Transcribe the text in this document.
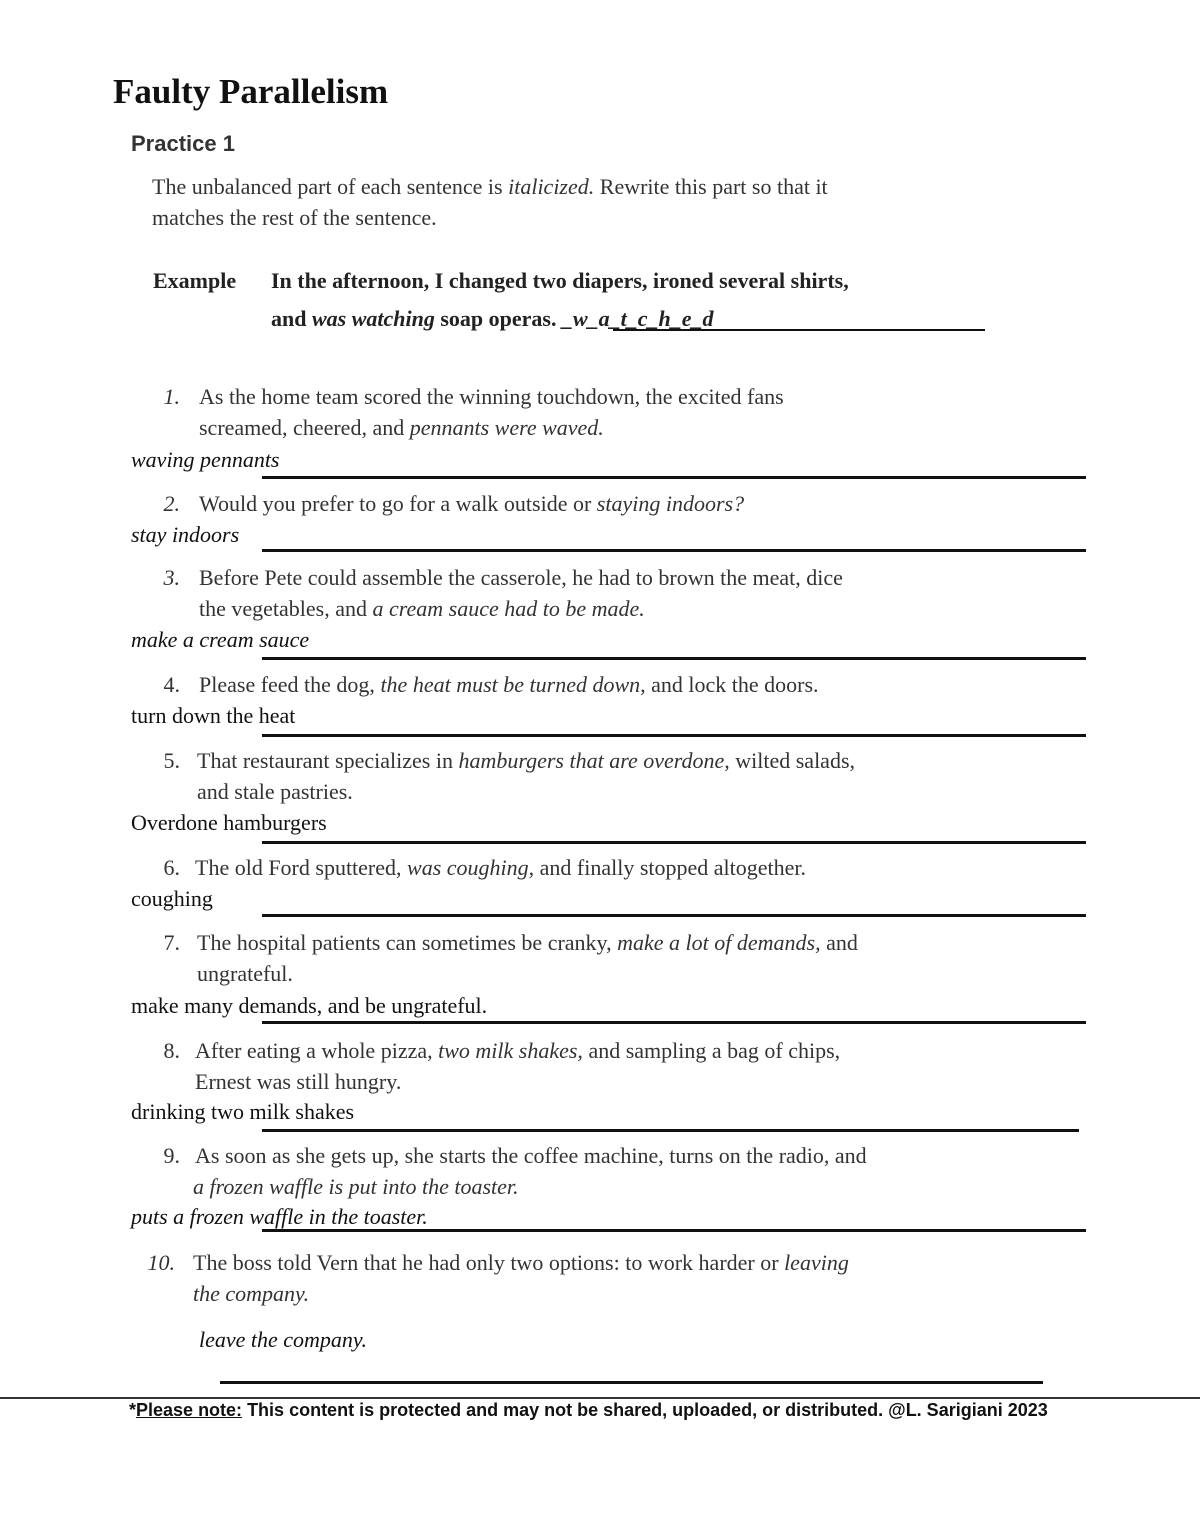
Faulty Parallelism
Practice 1
The unbalanced part of each sentence is italicized. Rewrite this part so that it
matches the rest of the sentence.
Example In the afternoon, I changed two diapers, ironed several shirts,
and was watching soap operas. _w_a_t_c_h_e_d
1. As the home team scored the winning touchdown, the excited fans
screamed, cheered, and pennants were waved.
waving pennants
2. Would you prefer to go for a walk outside or staying indoors?
stay indoors
3. Before Pete could assemble the casserole, he had to brown the meat, dice
the vegetables, and a cream sauce had to be made.
make a cream sauce
4. Please feed the dog, the heat must be turned down, and lock the doors.
turn down the heat
5. That restaurant specializes in hamburgers that are overdone, wilted salads,
and stale pastries.
Overdone hamburgers
6. The old Ford sputtered, was coughing, and finally stopped altogether.
coughing
7. The hospital patients can sometimes be cranky, make a lot of demands, and
ungrateful.
make many demands, and be ungrateful.
8. After eating a whole pizza, two milk shakes, and sampling a bag of chips,
Ernest was still hungry.
drinking two milk shakes
9. As soon as she gets up, she starts the coffee machine, turns on the radio, and
a frozen waffle is put into the toaster.
puts a frozen waffle in the toaster.
10. The boss told Vern that he had only two options: to work harder or leaving
the company.
leave the company.
*Please note: This content is protected and may not be shared, uploaded, or distributed. @L. Sarigiani 2023
